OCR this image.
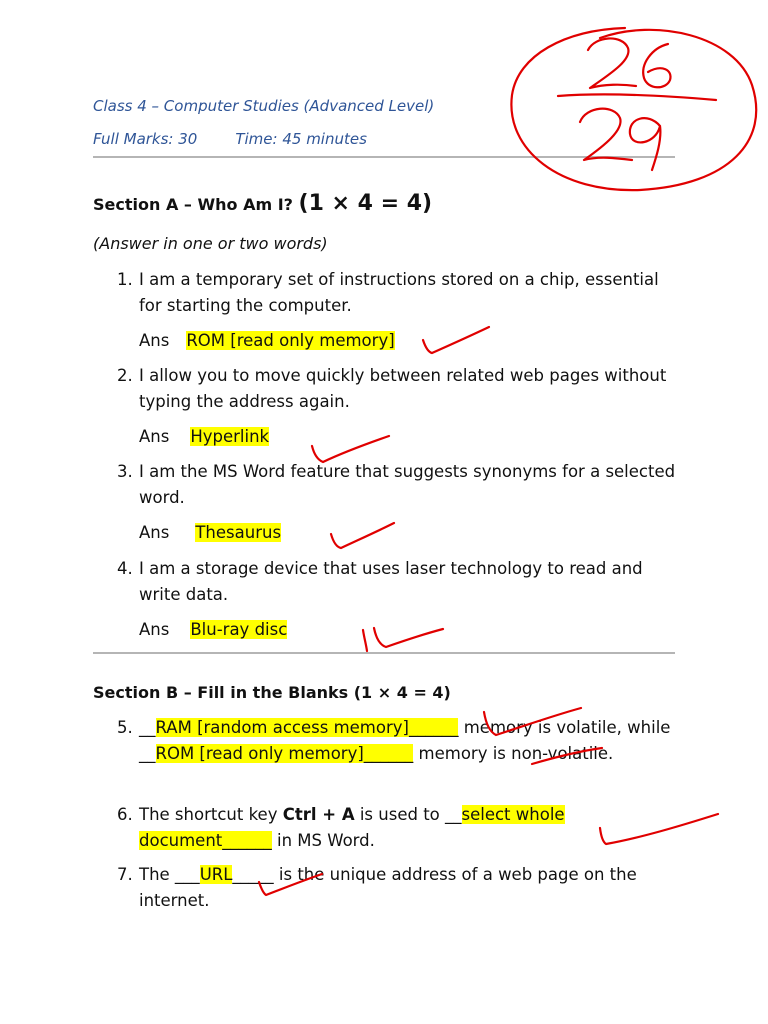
Class 4 – Computer Studies (Advanced Level)
Full Marks: 30	Time: 45 minutes
Section A – Who Am I? (1 × 4 = 4)
(Answer in one or two words)
1. I am a temporary set of instructions stored on a chip, essential for starting the computer.
Ans ROM [read only memory]
2. I allow you to move quickly between related web pages without typing the address again.
Ans Hyperlink
3. I am the MS Word feature that suggests synonyms for a selected word.
Ans Thesaurus
4. I am a storage device that uses laser technology to read and write data.
Ans Blu-ray disc
Section B – Fill in the Blanks (1 × 4 = 4)
5. __RAM [random access memory]______ memory is volatile, while __ROM [read only memory]______ memory is non-volatile.
6. The shortcut key Ctrl + A is used to __select whole document______ in MS Word.
7. The ___URL_____ is the unique address of a web page on the internet.
